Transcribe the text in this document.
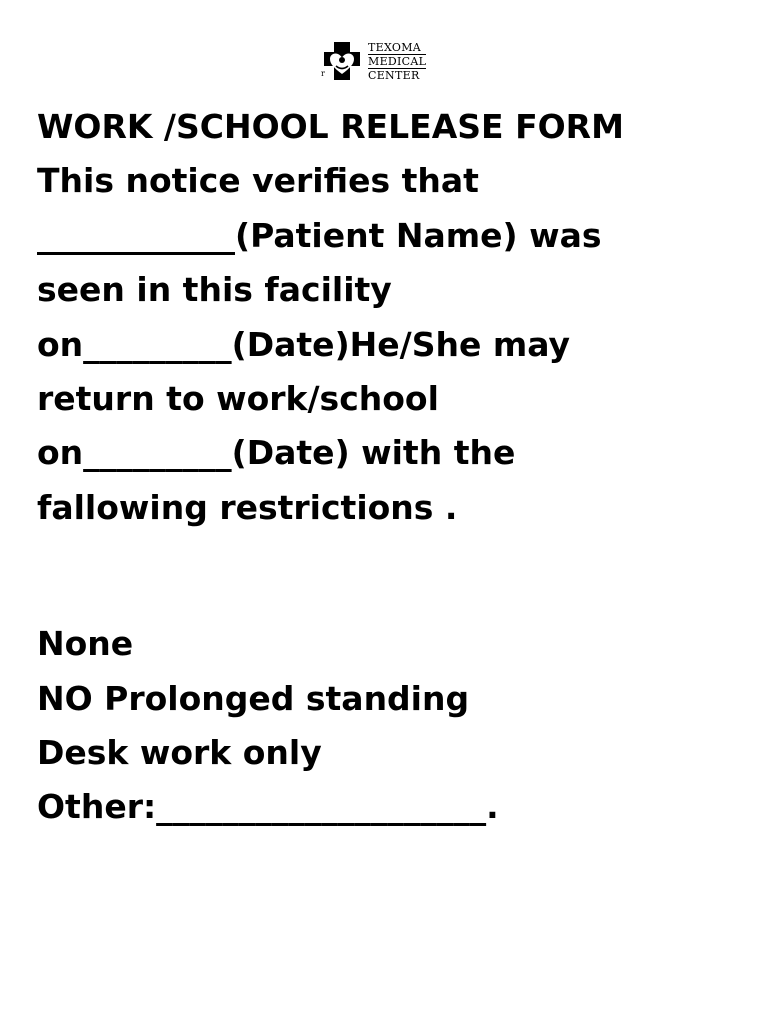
r
TEXOMA
MEDICAL
CENTER
WORK /SCHOOL RELEASE FORM
This notice verifies that
____________(Patient Name) was
seen in this facility
on_________(Date)He/She may
return to work/school
on_________(Date) with the
fallowing restrictions .
None
NO Prolonged standing
Desk work only
Other:____________________.
